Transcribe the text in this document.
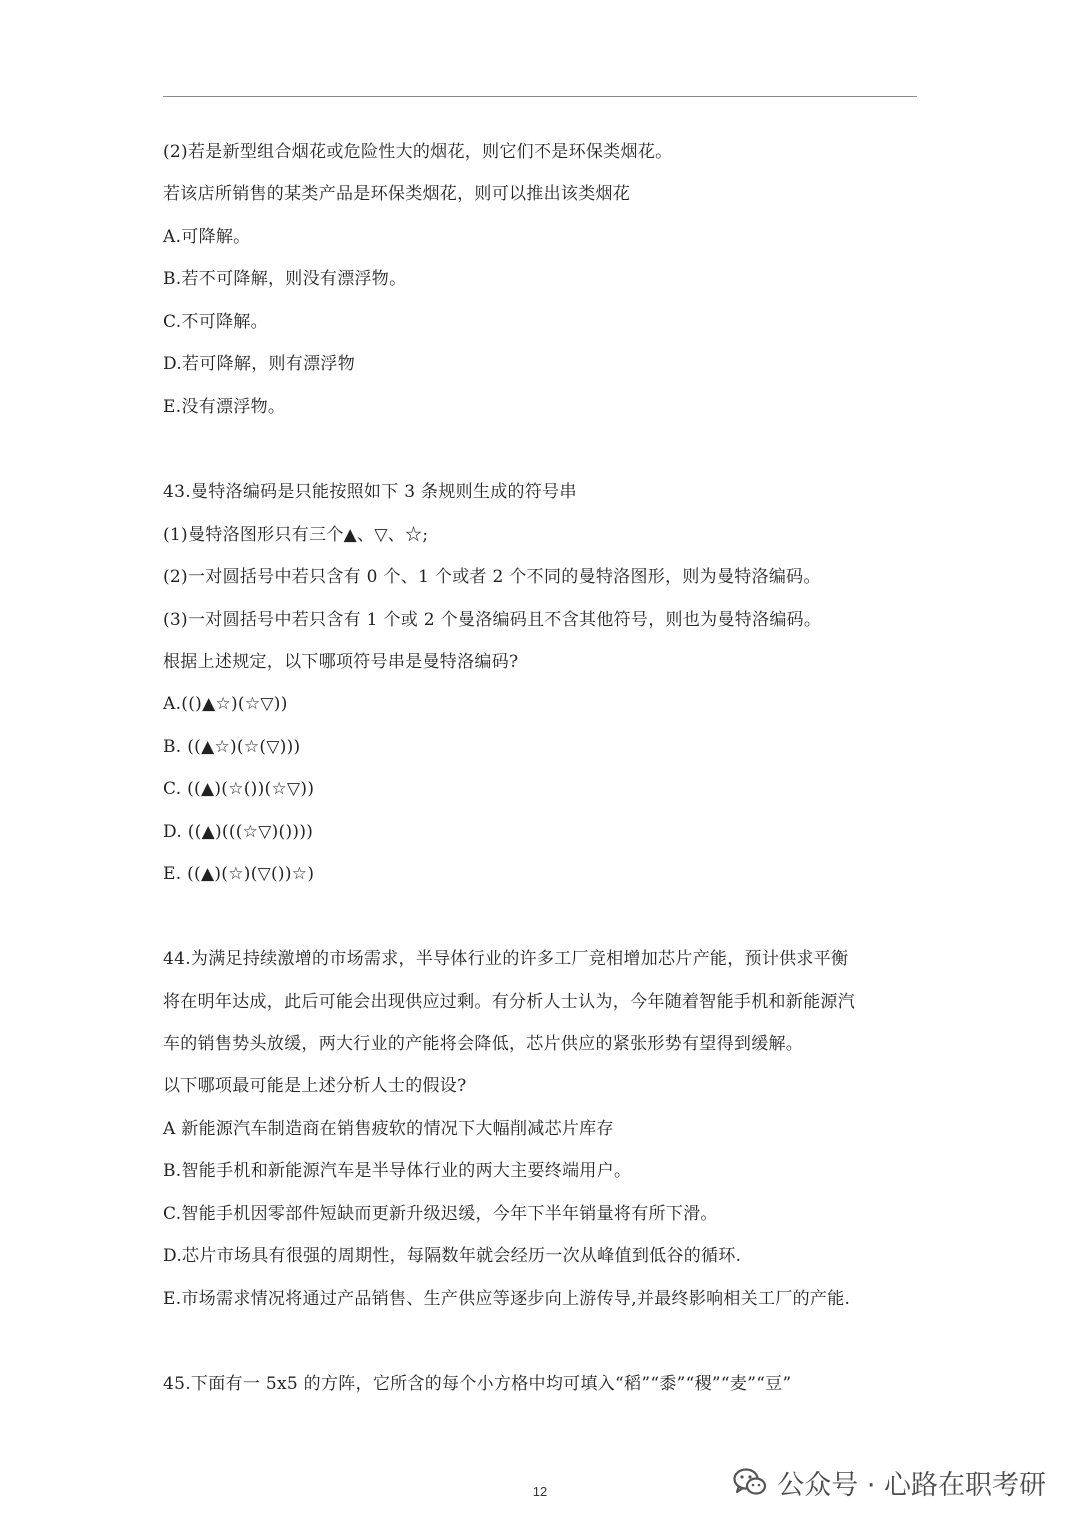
(2)若是新型组合烟花或危险性大的烟花，则它们不是环保类烟花。
若该店所销售的某类产品是环保类烟花，则可以推出该类烟花
A.可降解。
B.若不可降解，则没有漂浮物。
C.不可降解。
D.若可降解，则有漂浮物
E.没有漂浮物。
43.曼特洛编码是只能按照如下 3 条规则生成的符号串
(1)曼特洛图形只有三个▲、▽、☆;
(2)一对圆括号中若只含有 0 个、1 个或者 2 个不同的曼特洛图形，则为曼特洛编码。
(3)一对圆括号中若只含有 1 个或 2 个曼洛编码且不含其他符号，则也为曼特洛编码。
根据上述规定，以下哪项符号串是曼特洛编码?
A.(()▲☆)(☆▽))
B. ((▲☆)(☆(▽)))
C. ((▲)(☆())(☆▽))
D. ((▲)(((☆▽)())))
E. ((▲)(☆)(▽())☆)
44.为满足持续激增的市场需求，半导体行业的许多工厂竞相增加芯片产能，预计供求平衡
将在明年达成，此后可能会出现供应过剩。有分析人士认为，今年随着智能手机和新能源汽
车的销售势头放缓，两大行业的产能将会降低，芯片供应的紧张形势有望得到缓解。
以下哪项最可能是上述分析人士的假设?
A 新能源汽车制造商在销售疲软的情况下大幅削减芯片库存
B.智能手机和新能源汽车是半导体行业的两大主要终端用户。
C.智能手机因零部件短缺而更新升级迟缓，今年下半年销量将有所下滑。
D.芯片市场具有很强的周期性，每隔数年就会经历一次从峰值到低谷的循环.
E.市场需求情况将通过产品销售、生产供应等逐步向上游传导,并最终影响相关工厂的产能.
45.下面有一 5x5 的方阵，它所含的每个小方格中均可填入“稻”“黍”“稷”“麦”“豆”
12	公众号 · 心路在职考研
